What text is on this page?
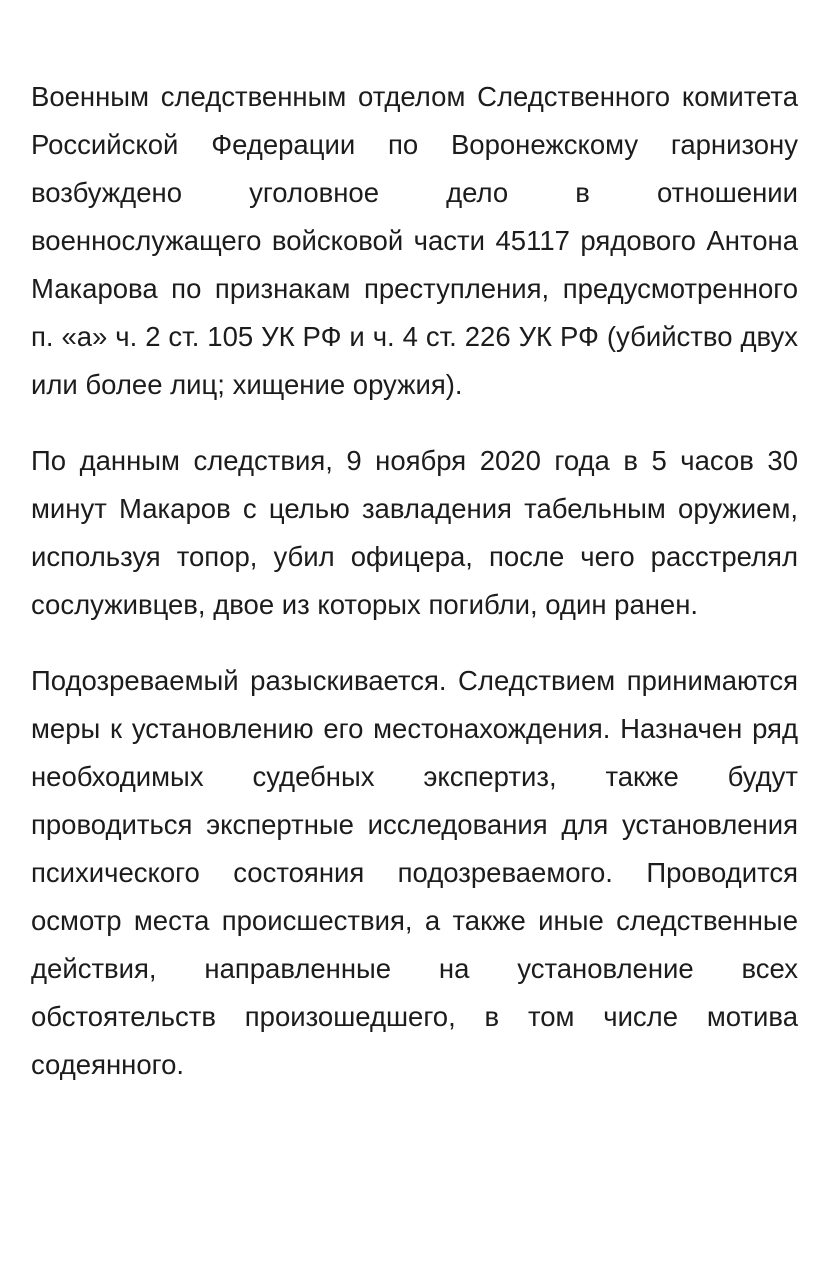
Военным следственным отделом Следственного комитета Российской Федерации по Воронежскому гарнизону возбуждено уголовное дело в отношении военнослужащего войсковой части 45117 рядового Антона Макарова по признакам преступления, предусмотренного п. «а» ч. 2 ст. 105 УК РФ и ч. 4 ст. 226 УК РФ (убийство двух или более лиц; хищение оружия).

По данным следствия, 9 ноября 2020 года в 5 часов 30 минут Макаров с целью завладения табельным оружием, используя топор, убил офицера, после чего расстрелял сослуживцев, двое из которых погибли, один ранен.

Подозреваемый разыскивается. Следствием принимаются меры к установлению его местонахождения. Назначен ряд необходимых судебных экспертиз, также будут проводиться экспертные исследования для установления психического состояния подозреваемого. Проводится осмотр места происшествия, а также иные следственные действия, направленные на установление всех обстоятельств произошедшего, в том числе мотива содеянного.
